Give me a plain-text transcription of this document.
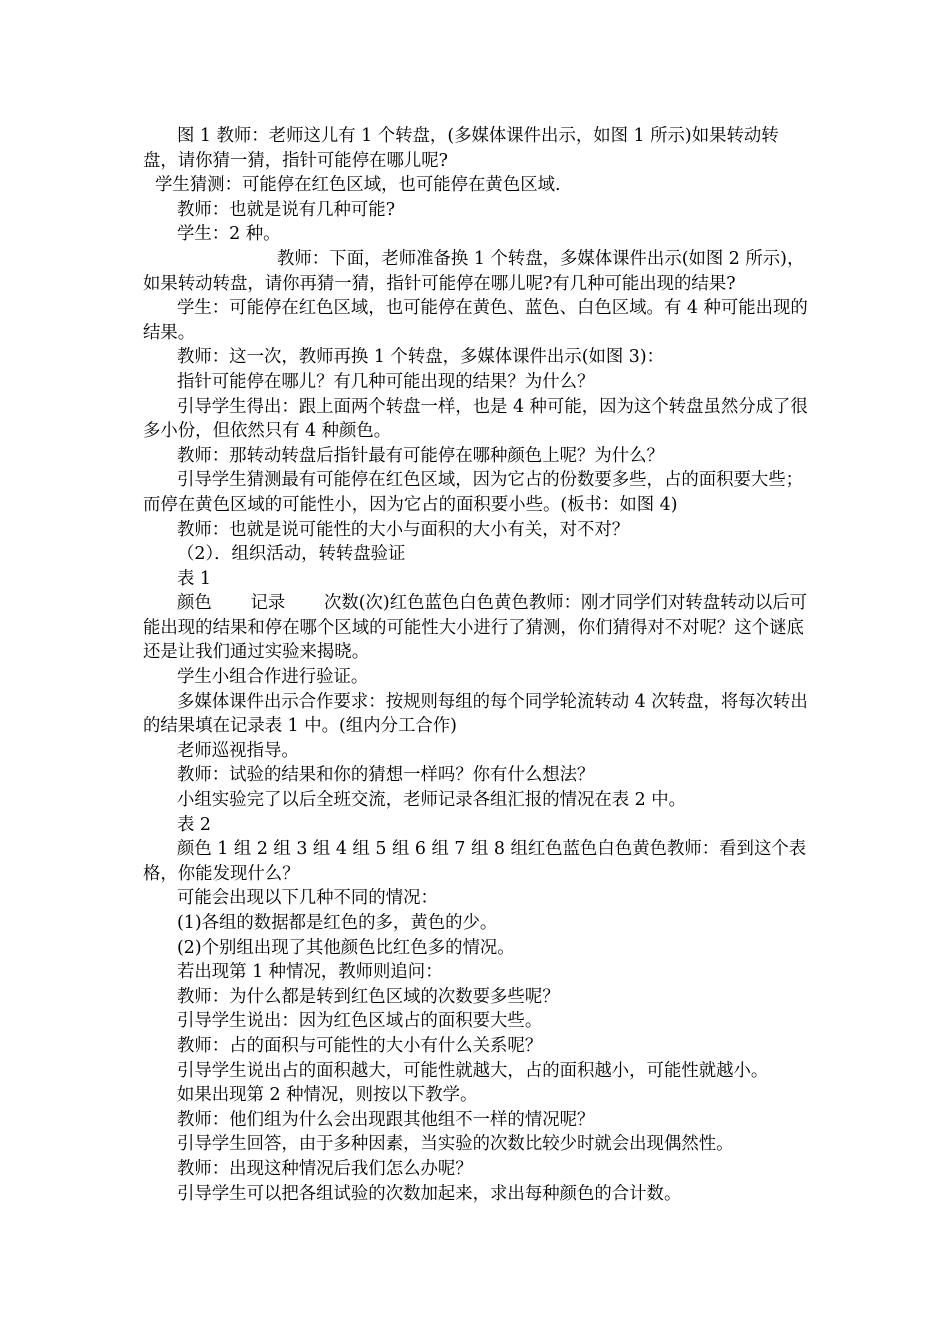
图 1 教师：老师这儿有 1 个转盘，(多媒体课件出示，如图 1 所示)如果转动转盘，请你猜一猜，指针可能停在哪儿呢?

学生猜测：可能停在红色区域，也可能停在黄色区域.

教师：也就是说有几种可能?

学生：2 种。

教师：下面，老师准备换 1 个转盘，多媒体课件出示(如图 2 所示)，如果转动转盘，请你再猜一猜，指针可能停在哪儿呢?有几种可能出现的结果?

学生：可能停在红色区域，也可能停在黄色、蓝色、白色区域。有 4 种可能出现的结果。

教师：这一次，教师再换 1 个转盘，多媒体课件出示(如图 3)：

指针可能停在哪儿？有几种可能出现的结果？为什么？

引导学生得出：跟上面两个转盘一样，也是 4 种可能，因为这个转盘虽然分成了很多小份，但依然只有 4 种颜色。

教师：那转动转盘后指针最有可能停在哪种颜色上呢？为什么？

引导学生猜测最有可能停在红色区域，因为它占的份数要多些，占的面积要大些；而停在黄色区域的可能性小，因为它占的面积要小些。(板书：如图 4)

教师：也就是说可能性的大小与面积的大小有关，对不对？

（2）．组织活动，转转盘验证

表 1

颜色       记录       次数(次)红色蓝色白色黄色教师：刚才同学们对转盘转动以后可能出现的结果和停在哪个区域的可能性大小进行了猜测，你们猜得对不对呢？这个谜底还是让我们通过实验来揭晓。

学生小组合作进行验证。

多媒体课件出示合作要求：按规则每组的每个同学轮流转动 4 次转盘，将每次转出的结果填在记录表 1 中。(组内分工合作)

老师巡视指导。

教师：试验的结果和你的猜想一样吗？你有什么想法？

小组实验完了以后全班交流，老师记录各组汇报的情况在表 2 中。

表 2

颜色 1 组 2 组 3 组 4 组 5 组 6 组 7 组 8 组红色蓝色白色黄色教师：看到这个表格，你能发现什么？

可能会出现以下几种不同的情况：

(1)各组的数据都是红色的多，黄色的少。

(2)个别组出现了其他颜色比红色多的情况。

若出现第 1 种情况，教师则追问：

教师：为什么都是转到红色区域的次数要多些呢？

引导学生说出：因为红色区域占的面积要大些。

教师：占的面积与可能性的大小有什么关系呢？

引导学生说出占的面积越大，可能性就越大，占的面积越小，可能性就越小。

如果出现第 2 种情况，则按以下教学。

教师：他们组为什么会出现跟其他组不一样的情况呢？

引导学生回答，由于多种因素，当实验的次数比较少时就会出现偶然性。

教师：出现这种情况后我们怎么办呢？

引导学生可以把各组试验的次数加起来，求出每种颜色的合计数。
